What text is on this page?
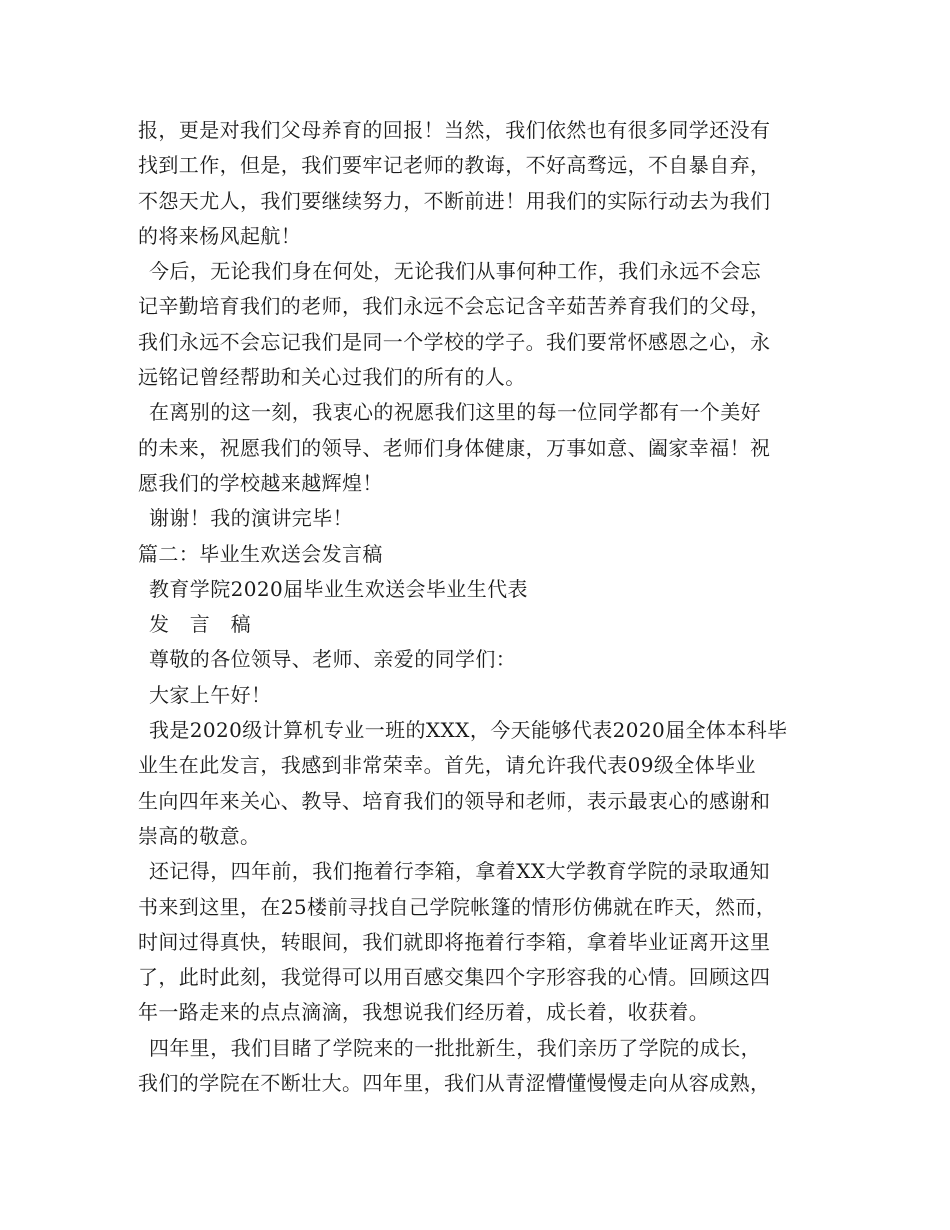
报，更是对我们父母养育的回报！当然，我们依然也有很多同学还没有
找到工作，但是，我们要牢记老师的教诲，不好高骛远，不自暴自弃，
不怨天尤人，我们要继续努力，不断前进！用我们的实际行动去为我们
的将来杨风起航！
今后，无论我们身在何处，无论我们从事何种工作，我们永远不会忘
记辛勤培育我们的老师，我们永远不会忘记含辛茹苦养育我们的父母，
我们永远不会忘记我们是同一个学校的学子。我们要常怀感恩之心，永
远铭记曾经帮助和关心过我们的所有的人。
在离别的这一刻，我衷心的祝愿我们这里的每一位同学都有一个美好
的未来，祝愿我们的领导、老师们身体健康，万事如意、阖家幸福！祝
愿我们的学校越来越辉煌！
谢谢！我的演讲完毕！
篇二：毕业生欢送会发言稿
教育学院2020届毕业生欢送会毕业生代表
发　言　稿
尊敬的各位领导、老师、亲爱的同学们：
大家上午好！
我是2020级计算机专业一班的XXX，今天能够代表2020届全体本科毕
业生在此发言，我感到非常荣幸。首先，请允许我代表09级全体毕业
生向四年来关心、教导、培育我们的领导和老师，表示最衷心的感谢和
崇高的敬意。
还记得，四年前，我们拖着行李箱，拿着XX大学教育学院的录取通知
书来到这里，在25楼前寻找自己学院帐篷的情形仿佛就在昨天，然而，
时间过得真快，转眼间，我们就即将拖着行李箱，拿着毕业证离开这里
了，此时此刻，我觉得可以用百感交集四个字形容我的心情。回顾这四
年一路走来的点点滴滴，我想说我们经历着，成长着，收获着。
四年里，我们目睹了学院来的一批批新生，我们亲历了学院的成长，
我们的学院在不断壮大。四年里，我们从青涩懵懂慢慢走向从容成熟，
